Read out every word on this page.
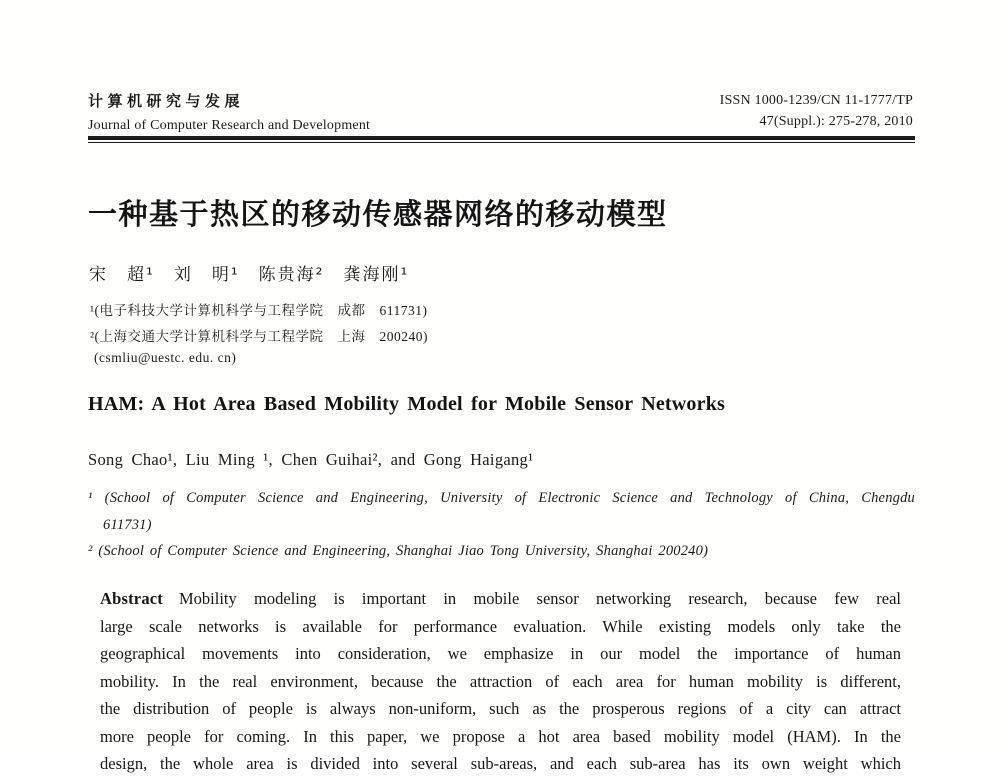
计算机研究与发展
Journal of Computer Research and Development
ISSN 1000-1239/CN 11-1777/TP
47(Suppl.): 275-278, 2010
一种基于热区的移动传感器网络的移动模型
宋　超¹　刘　明¹　陈贵海²　龚海刚¹
¹(电子科技大学计算机科学与工程学院　成都　611731)
²(上海交通大学计算机科学与工程学院　上海　200240)
(csmliu@uestc. edu. cn)
HAM: A Hot Area Based Mobility Model for Mobile Sensor Networks
Song Chao¹, Liu Ming ¹, Chen Guihai², and Gong Haigang¹
¹ (School of Computer Science and Engineering, University of Electronic Science and Technology of China, Chengdu
611731)
² (School of Computer Science and Engineering, Shanghai Jiao Tong University, Shanghai 200240)
Abstract Mobility modeling is important in mobile sensor networking research, because few real
large scale networks is available for performance evaluation. While existing models only take the
geographical movements into consideration, we emphasize in our model the importance of human
mobility. In the real environment, because the attraction of each area for human mobility is different,
the distribution of people is always non-uniform, such as the prosperous regions of a city can attract
more people for coming. In this paper, we propose a hot area based mobility model (HAM). In the
design, the whole area is divided into several sub-areas, and each sub-area has its own weight which
